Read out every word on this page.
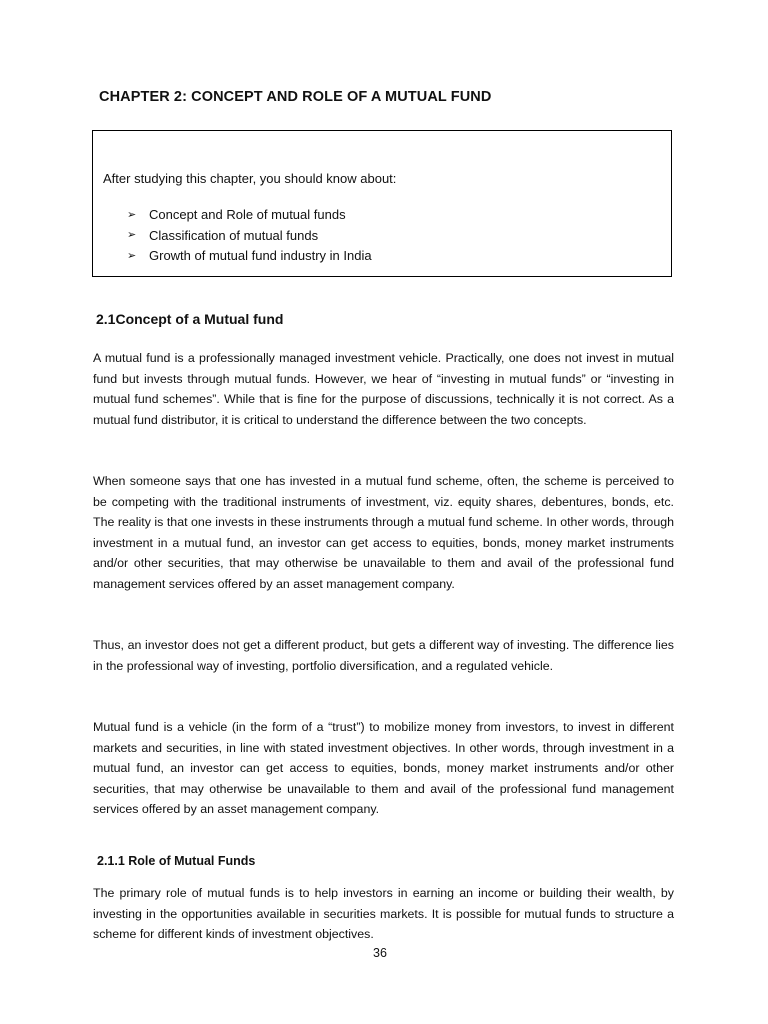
CHAPTER 2: CONCEPT AND ROLE OF A MUTUAL FUND

After studying this chapter, you should know about:

➢ Concept and Role of mutual funds
➢ Classification of mutual funds
➢ Growth of mutual fund industry in India
2.1Concept of a Mutual fund

A mutual fund is a professionally managed investment vehicle. Practically, one does not invest in mutual fund but invests through mutual funds. However, we hear of “investing in mutual funds” or “investing in mutual fund schemes”. While that is fine for the purpose of discussions, technically it is not correct. As a mutual fund distributor, it is critical to understand the difference between the two concepts.

When someone says that one has invested in a mutual fund scheme, often, the scheme is perceived to be competing with the traditional instruments of investment, viz. equity shares, debentures, bonds, etc. The reality is that one invests in these instruments through a mutual fund scheme. In other words, through investment in a mutual fund, an investor can get access to equities, bonds, money market instruments and/or other securities, that may otherwise be unavailable to them and avail of the professional fund management services offered by an asset management company.

Thus, an investor does not get a different product, but gets a different way of investing. The difference lies in the professional way of investing, portfolio diversification, and a regulated vehicle.

Mutual fund is a vehicle (in the form of a “trust”) to mobilize money from investors, to invest in different markets and securities, in line with stated investment objectives. In other words, through investment in a mutual fund, an investor can get access to equities, bonds, money market instruments and/or other securities, that may otherwise be unavailable to them and avail of the professional fund management services offered by an asset management company.

2.1.1 Role of Mutual Funds

The primary role of mutual funds is to help investors in earning an income or building their wealth, by investing in the opportunities available in securities markets. It is possible for mutual funds to structure a scheme for different kinds of investment objectives.

36
